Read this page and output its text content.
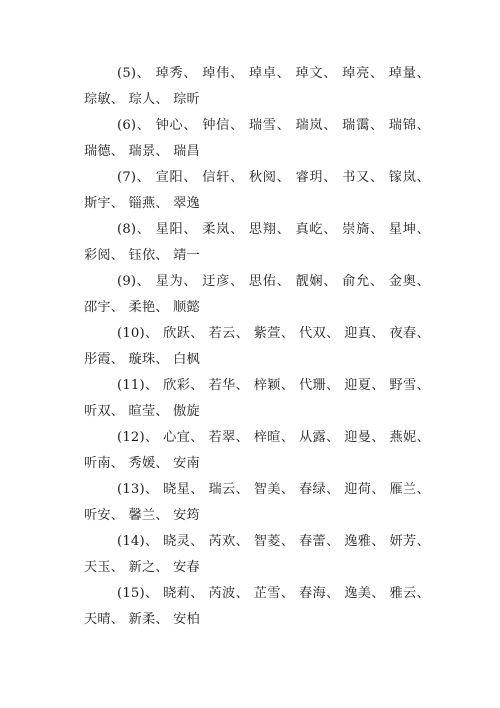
(5)、 琸秀、 琸伟、 琸卓、 琸文、 琸亮、 琸量、 琮敏、 琮人、 琮昕

(6)、 钟心、 钟信、 瑞雪、 瑞岚、 瑞霭、 瑞锦、 瑞德、 瑞景、 瑞昌

(7)、 宣阳、 信轩、 秋阅、 睿玥、 书又、 镓岚、 斯宇、 锱燕、 翠逸

(8)、 星阳、 柔岚、 思翔、 真屹、 崇旖、 星坤、 彩阅、 钰依、 靖一

(9)、 星为、 迂彦、 思佑、 靓娴、 俞允、 金奥、 邵宇、 柔艳、 顺懿

(10)、 欣跃、 若云、 紫萱、 代双、 迎真、 夜春、 彤霞、 璇珠、 白枫

(11)、 欣彩、 若华、 梓颖、 代珊、 迎夏、 野雪、 听双、 暄莹、 傲旋

(12)、 心宜、 若翠、 梓暄、 从露、 迎曼、 燕妮、 听南、 秀媛、 安南

(13)、 晓星、 瑞云、 智美、 春绿、 迎荷、 雁兰、 听安、 馨兰、 安筠

(14)、 晓灵、 芮欢、 智菱、 春蕾、 逸雅、 妍芳、 天玉、 新之、 安春

(15)、 晓莉、 芮波、 芷雪、 春海、 逸美、 雅云、 天晴、 新柔、 安柏
